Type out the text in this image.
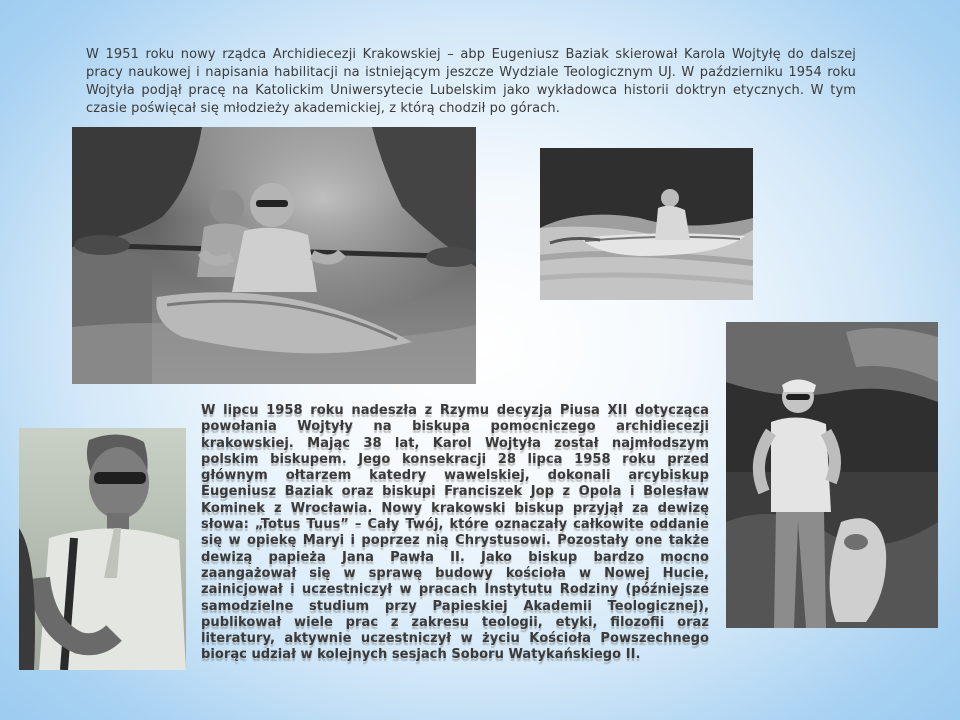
W 1951 roku nowy rządca Archidiecezji Krakowskiej – abp Eugeniusz Baziak skierował Karola Wojtyłę do dalszej pracy naukowej i napisania habilitacji na istniejącym jeszcze Wydziale Teologicznym UJ. W październiku 1954 roku Wojtyła podjął pracę na Katolickim Uniwersytecie Lubelskim jako wykładowca historii doktryn etycznych. W tym czasie poświęcał się młodzieży akademickiej, z którą chodził po górach.

W lipcu 1958 roku nadeszła z Rzymu decyzja Piusa XII dotycząca powołania Wojtyły na biskupa pomocniczego archidiecezji krakowskiej. Mając 38 lat, Karol Wojtyła został najmłodszym polskim biskupem. Jego konsekracji 28 lipca 1958 roku przed głównym ołtarzem katedry wawelskiej, dokonali arcybiskup Eugeniusz Baziak oraz biskupi Franciszek Jop z Opola i Bolesław Kominek z Wrocławia. Nowy krakowski biskup przyjął za dewizę słowa: „Totus Tuus” – Cały Twój, które oznaczały całkowite oddanie się w opiekę Maryi i poprzez nią Chrystusowi. Pozostały one także dewizą papieża Jana Pawła II. Jako biskup bardzo mocno zaangażował się w sprawę budowy kościoła w Nowej Hucie, zainicjował i uczestniczył w pracach Instytutu Rodziny (późniejsze samodzielne studium przy Papieskiej Akademii Teologicznej), publikował wiele prac z zakresu teologii, etyki, filozofii oraz literatury, aktywnie uczestniczył w życiu Kościoła Powszechnego biorąc udział w kolejnych sesjach Soboru Watykańskiego II.
